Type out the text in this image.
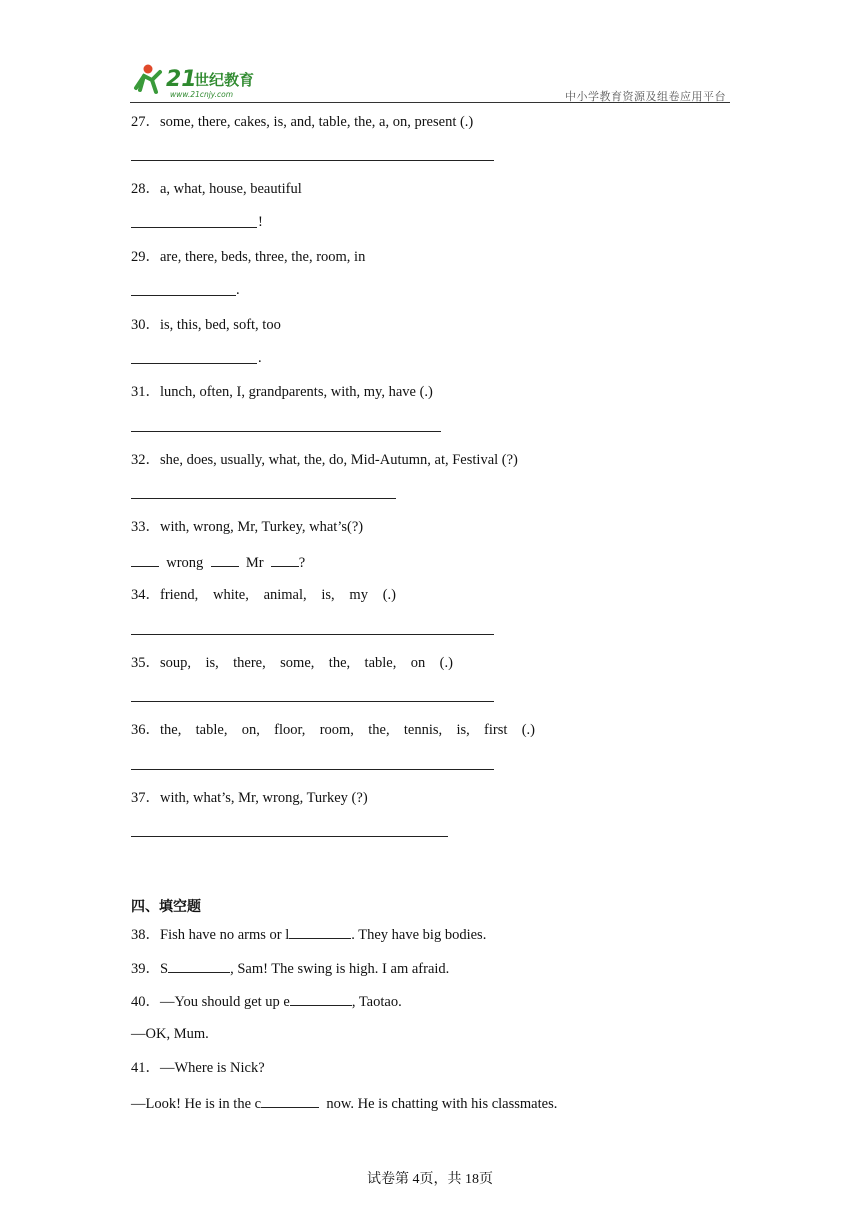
21
世纪教育
www.21cnjy.com	中小学教育资源及组卷应用平台
27．some, there, cakes, is, and, table, the, a, on, present (.)
28．a, what, house, beautiful
!
29．are, there, beds, three, the, room, in
.
30．is, this, bed, soft, too
.
31．lunch, often, I, grandparents, with, my, have (.)
32．she, does, usually, what, the, do, Mid-Autumn, at, Festival (?)
33．with, wrong, Mr, Turkey, what’s(?)
wrong	Mr ?
34．friend, white, animal, is, my (.)
35．soup, is, there, some, the, table, on (.)
36．the, table, on, floor, room, the, tennis, is, first (.)
37．with, what’s, Mr, wrong, Turkey (?)
四、填空题
38．Fish have no arms or l	. They have big bodies.
39．S	, Sam! The swing is high. I am afraid.
40．—You should get up e	, Taotao.
—OK, Mum.
41．—Where is Nick?
—Look! He is in the c	now. He is chatting with his classmates.
试卷第 4页，共 18页
